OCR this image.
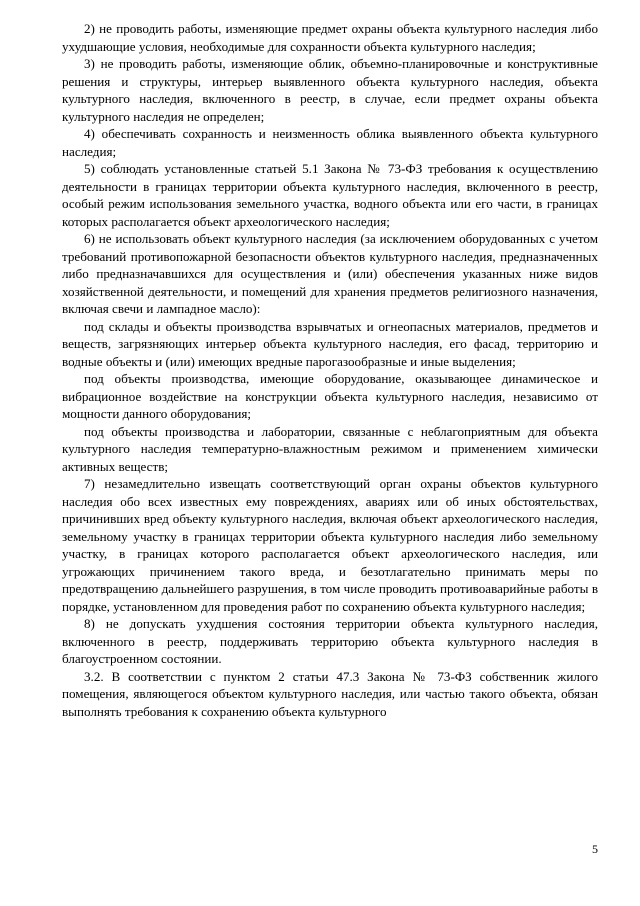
2) не проводить работы, изменяющие предмет охраны объекта культурного наследия либо ухудшающие условия, необходимые для сохранности объекта культурного наследия;

3) не проводить работы, изменяющие облик, объемно-планировочные и конструктивные решения и структуры, интерьер выявленного объекта культурного наследия, объекта культурного наследия, включенного в реестр, в случае, если предмет охраны объекта культурного наследия не определен;

4) обеспечивать сохранность и неизменность облика выявленного объекта культурного наследия;

5) соблюдать установленные статьей 5.1 Закона № 73-ФЗ требования к осуществлению деятельности в границах территории объекта культурного наследия, включенного в реестр, особый режим использования земельного участка, водного объекта или его части, в границах которых располагается объект археологического наследия;

6) не использовать объект культурного наследия (за исключением оборудованных с учетом требований противопожарной безопасности объектов культурного наследия, предназначенных либо предназначавшихся для осуществления и (или) обеспечения указанных ниже видов хозяйственной деятельности, и помещений для хранения предметов религиозного назначения, включая свечи и лампадное масло):

под склады и объекты производства взрывчатых и огнеопасных материалов, предметов и веществ, загрязняющих интерьер объекта культурного наследия, его фасад, территорию и водные объекты и (или) имеющих вредные парогазообразные и иные выделения;

под объекты производства, имеющие оборудование, оказывающее динамическое и вибрационное воздействие на конструкции объекта культурного наследия, независимо от мощности данного оборудования;

под объекты производства и лаборатории, связанные с неблагоприятным для объекта культурного наследия температурно-влажностным режимом и применением химически активных веществ;

7) незамедлительно извещать соответствующий орган охраны объектов культурного наследия обо всех известных ему повреждениях, авариях или об иных обстоятельствах, причинивших вред объекту культурного наследия, включая объект археологического наследия, земельному участку в границах территории объекта культурного наследия либо земельному участку, в границах которого располагается объект археологического наследия, или угрожающих причинением такого вреда, и безотлагательно принимать меры по предотвращению дальнейшего разрушения, в том числе проводить противоаварийные работы в порядке, установленном для проведения работ по сохранению объекта культурного наследия;

8) не допускать ухудшения состояния территории объекта культурного наследия, включенного в реестр, поддерживать территорию объекта культурного наследия в благоустроенном состоянии.

3.2. В соответствии с пунктом 2 статьи 47.3 Закона № 73-ФЗ собственник жилого помещения, являющегося объектом культурного наследия, или частью такого объекта, обязан выполнять требования к сохранению объекта культурного

5
